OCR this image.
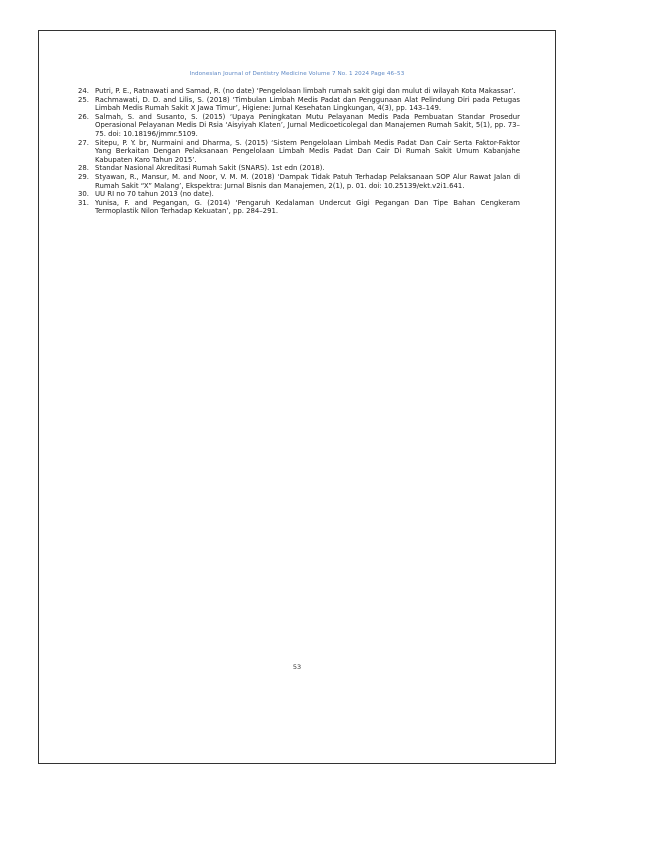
Indonesian Journal of Dentistry Medicine Volume 7 No. 1 2024 Page 46–53
24. Putri, P. E., Ratnawati and Samad, R. (no date) ‘Pengelolaan limbah rumah sakit gigi dan mulut di wilayah Kota Makassar’.
25. Rachmawati, D. D. and Lilis, S. (2018) ‘Timbulan Limbah Medis Padat dan Penggunaan Alat Pelindung Diri pada Petugas Limbah Medis Rumah Sakit X Jawa Timur’, Higiene: Jurnal Kesehatan Lingkungan, 4(3), pp. 143–149.
26. Salmah, S. and Susanto, S. (2015) ‘Upaya Peningkatan Mutu Pelayanan Medis Pada Pembuatan Standar Prosedur Operasional Pelayanan Medis Di Rsia ‘Aisyiyah Klaten’, Jurnal Medicoeticolegal dan Manajemen Rumah Sakit, 5(1), pp. 73–75. doi: 10.18196/jmmr.5109.
27. Sitepu, P. Y. br, Nurmaini and Dharma, S. (2015) ‘Sistem Pengelolaan Limbah Medis Padat Dan Cair Serta Faktor-Faktor Yang Berkaitan Dengan Pelaksanaan Pengelolaan Limbah Medis Padat Dan Cair Di Rumah Sakit Umum Kabanjahe Kabupaten Karo Tahun 2015’.
28. Standar Nasional Akreditasi Rumah Sakit (SNARS). 1st edn (2018).
29. Styawan, R., Mansur, M. and Noor, V. M. M. (2018) ‘Dampak Tidak Patuh Terhadap Pelaksanaan SOP Alur Rawat Jalan di Rumah Sakit “X” Malang’, Ekspektra: Jurnal Bisnis dan Manajemen, 2(1), p. 01. doi: 10.25139/ekt.v2i1.641.
30. UU RI no 70 tahun 2013 (no date).
31. Yunisa, F. and Pegangan, G. (2014) ‘Pengaruh Kedalaman Undercut Gigi Pegangan Dan Tipe Bahan Cengkeram Termoplastik Nilon Terhadap Kekuatan’, pp. 284–291.
53
